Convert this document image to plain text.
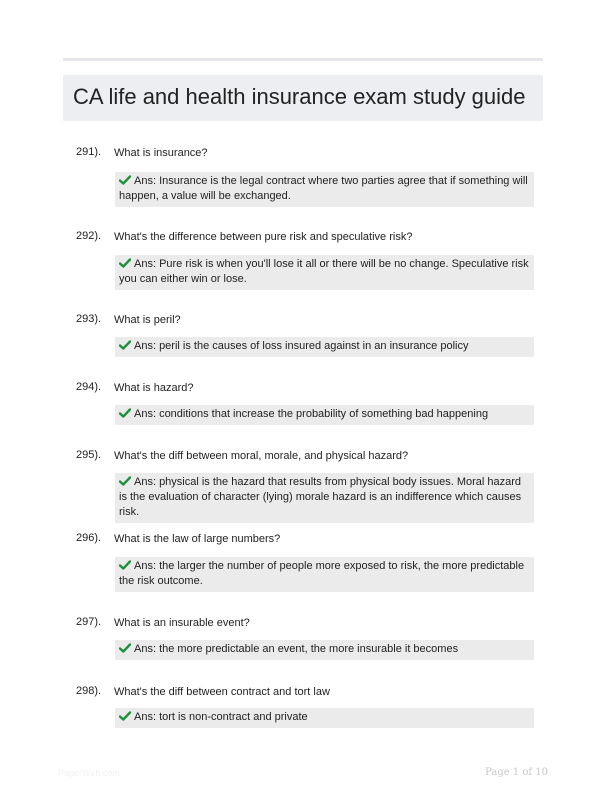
CA life and health insurance exam study guide
291). What is insurance?
Ans: Insurance is the legal contract where two parties agree that if something will happen, a value will be exchanged.
292). What's the difference between pure risk and speculative risk?
Ans: Pure risk is when you'll lose it all or there will be no change. Speculative risk you can either win or lose.
293). What is peril?
Ans: peril is the causes of loss insured against in an insurance policy
294). What is hazard?
Ans: conditions that increase the probability of something bad happening
295). What's the diff between moral, morale, and physical hazard?
Ans: physical is the hazard that results from physical body issues. Moral hazard is the evaluation of character (lying) morale hazard is an indifference which causes risk.
296). What is the law of large numbers?
Ans: the larger the number of people more exposed to risk, the more predictable the risk outcome.
297). What is an insurable event?
Ans: the more predictable an event, the more insurable it becomes
298). What's the diff between contract and tort law
Ans: tort is non-contract and private
PaperWeb.com	Page 1 of 10
